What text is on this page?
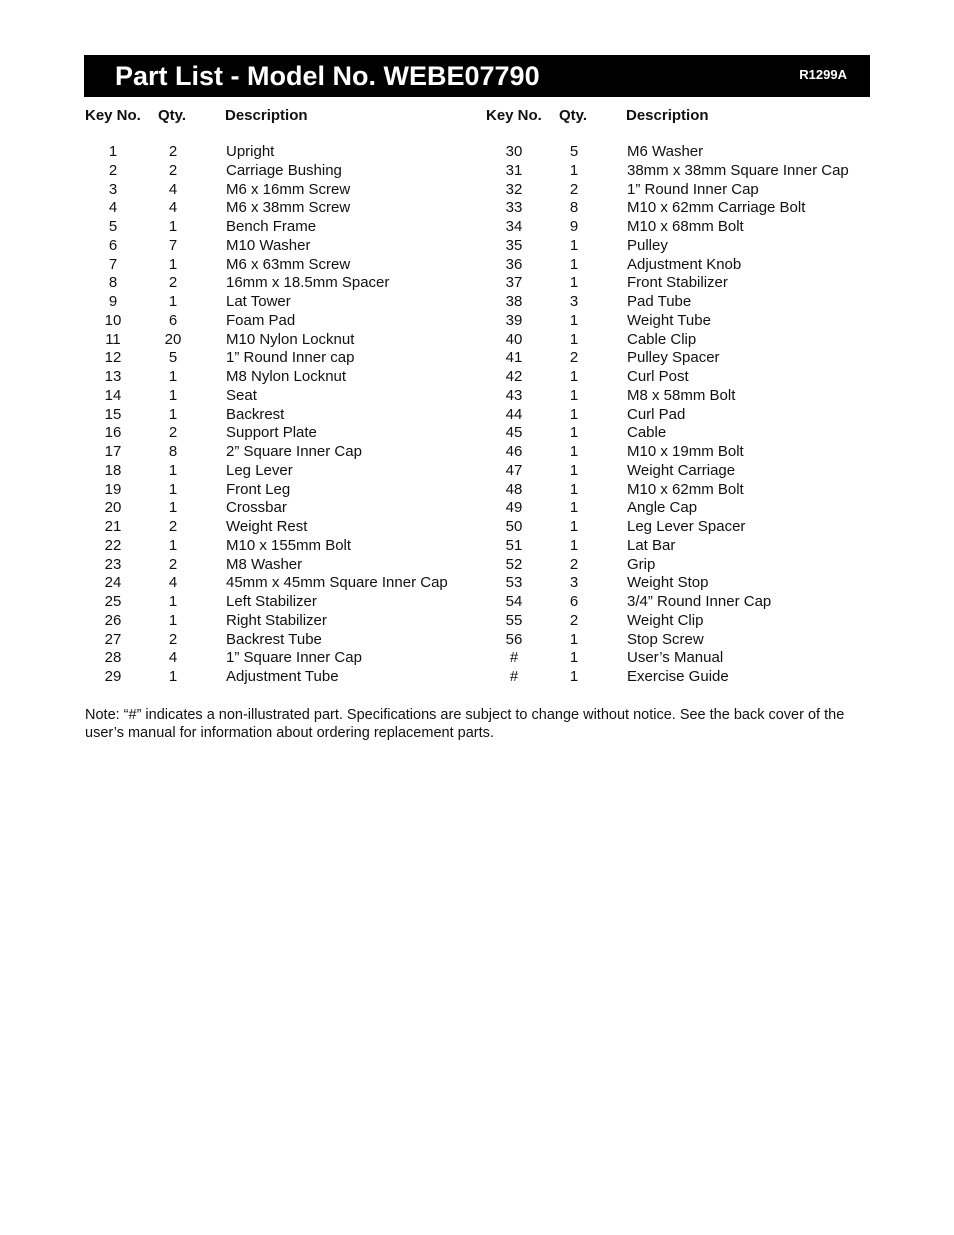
Part List - Model No. WEBE07790	R1299A
Key No. Qty.	Description
1	2	Upright
2	2	Carriage Bushing
3	4	M6 x 16mm Screw
4	4	M6 x 38mm Screw
5	1	Bench Frame
6	7	M10 Washer
7	1	M6 x 63mm Screw
8	2	16mm x 18.5mm Spacer
9	1	Lat Tower
10	6	Foam Pad
11	20	M10 Nylon Locknut
12	5	1” Round Inner cap
13	1	M8 Nylon Locknut
14	1	Seat
15	1	Backrest
16	2	Support Plate
17	8	2” Square Inner Cap
18	1	Leg Lever
19	1	Front Leg
20	1	Crossbar
21	2	Weight Rest
22	1	M10 x 155mm Bolt
23	2	M8 Washer
24	4	45mm x 45mm Square Inner Cap
25	1	Left Stabilizer
26	1	Right Stabilizer
27	2	Backrest Tube
28	4	1” Square Inner Cap
29	1	Adjustment Tube
Key No. Qty.	Description
30	5	M6 Washer
31	1	38mm x 38mm Square Inner Cap
32	2	1” Round Inner Cap
33	8	M10 x 62mm Carriage Bolt
34	9	M10 x 68mm Bolt
35	1	Pulley
36	1	Adjustment Knob
37	1	Front Stabilizer
38	3	Pad Tube
39	1	Weight Tube
40	1	Cable Clip
41	2	Pulley Spacer
42	1	Curl Post
43	1	M8 x 58mm Bolt
44	1	Curl Pad
45	1	Cable
46	1	M10 x 19mm Bolt
47	1	Weight Carriage
48	1	M10 x 62mm Bolt
49	1	Angle Cap
50	1	Leg Lever Spacer
51	1	Lat Bar
52	2	Grip
53	3	Weight Stop
54	6	3/4” Round Inner Cap
55	2	Weight Clip
56	1	Stop Screw
#	1	User’s Manual
#	1	Exercise Guide
Note: “#” indicates a non-illustrated part. Specifications are subject to change without notice. See the back cover of the user’s manual for information about ordering replacement parts.
